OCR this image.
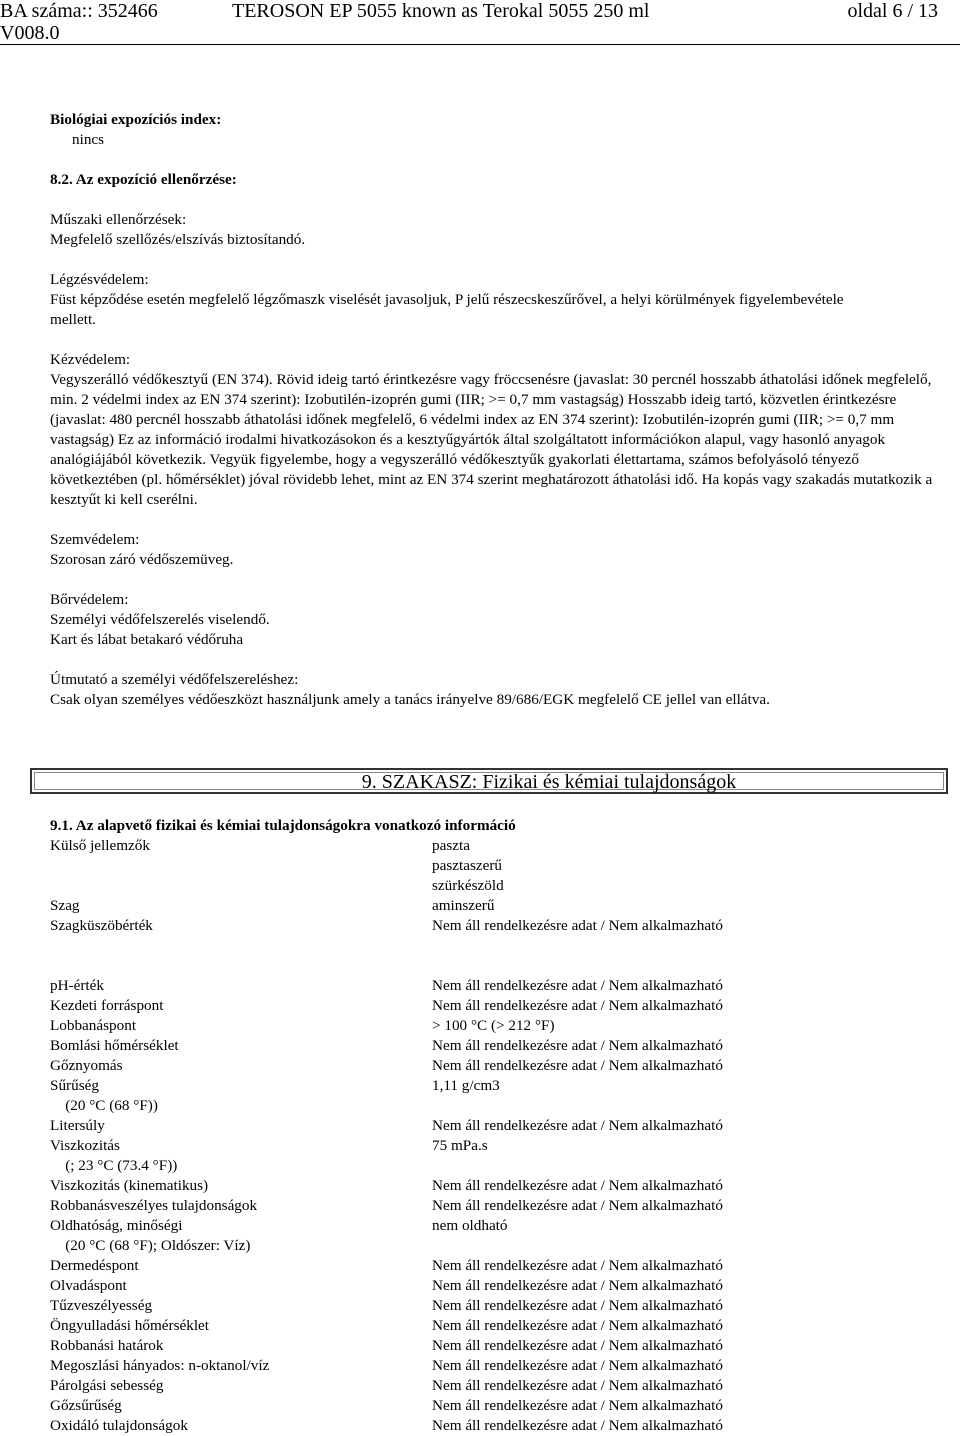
BA száma:: 352466	TEROSON EP 5055 known as Terokal 5055 250 ml	oldal 6 / 13
V008.0

Biológiai expozíciós index:

nincs

8.2. Az expozíció ellenőrzése:

Műszaki ellenőrzések:

Megfelelő szellőzés/elszívás biztosítandó.

Légzésvédelem:

Füst képződése esetén megfelelő légzőmaszk viselését javasoljuk, P jelű részecskeszűrővel, a helyi körülmények figyelembevétele mellett.

Kézvédelem:

Vegyszerálló védőkesztyű (EN 374). Rövid ideig tartó érintkezésre vagy fröccsenésre (javaslat: 30 percnél hosszabb áthatolási időnek megfelelő, min. 2 védelmi index az EN 374 szerint): Izobutilén-izoprén gumi (IIR; >= 0,7 mm vastagság) Hosszabb ideig tartó, közvetlen érintkezésre (javaslat: 480 percnél hosszabb áthatolási időnek megfelelő, 6 védelmi index az EN 374 szerint): Izobutilén-izoprén gumi (IIR; >= 0,7 mm vastagság) Ez az információ irodalmi hivatkozásokon és a kesztyűgyártók által szolgáltatott információkon alapul, vagy hasonló anyagok analógiájából következik. Vegyük figyelembe, hogy a vegyszerálló védőkesztyűk gyakorlati élettartama, számos befolyásoló tényező következtében (pl. hőmérséklet) jóval rövidebb lehet, mint az EN 374 szerint meghatározott áthatolási idő. Ha kopás vagy szakadás mutatkozik a kesztyűt ki kell cserélni.

Szemvédelem:

Szorosan záró védőszemüveg.

Bőrvédelem:

Személyi védőfelszerelés viselendő.

Kart és lábat betakaró védőruha

Útmutató a személyi védőfelszereléshez:

Csak olyan személyes védőeszközt használjunk amely a tanács irányelve 89/686/EGK megfelelő CE jellel van ellátva.

9. SZAKASZ: Fizikai és kémiai tulajdonságok
9.1. Az alapvető fizikai és kémiai tulajdonságokra vonatkozó információ
Külső jellemzők	paszta
pasztaszerű
szürkészöld
Szag	aminszerű
Szagküszöbérték	Nem áll rendelkezésre adat / Nem alkalmazható
pH-érték	Nem áll rendelkezésre adat / Nem alkalmazható
Kezdeti forráspont	Nem áll rendelkezésre adat / Nem alkalmazható
Lobbanáspont	> 100 °C (> 212 °F)
Bomlási hőmérséklet	Nem áll rendelkezésre adat / Nem alkalmazható
Gőznyomás	Nem áll rendelkezésre adat / Nem alkalmazható
Sűrűség	1,11 g/cm3
(20 °C (68 °F))
Litersúly	Nem áll rendelkezésre adat / Nem alkalmazható
Viszkozitás	75 mPa.s
(; 23 °C (73.4 °F))
Viszkozitás (kinematikus)	Nem áll rendelkezésre adat / Nem alkalmazható
Robbanásveszélyes tulajdonságok	Nem áll rendelkezésre adat / Nem alkalmazható
Oldhatóság, minőségi	nem oldható
(20 °C (68 °F); Oldószer: Víz)
Dermedéspont	Nem áll rendelkezésre adat / Nem alkalmazható
Olvadáspont	Nem áll rendelkezésre adat / Nem alkalmazható
Tűzveszélyesség	Nem áll rendelkezésre adat / Nem alkalmazható
Öngyulladási hőmérséklet	Nem áll rendelkezésre adat / Nem alkalmazható
Robbanási határok	Nem áll rendelkezésre adat / Nem alkalmazható
Megoszlási hányados: n-oktanol/víz	Nem áll rendelkezésre adat / Nem alkalmazható
Párolgási sebesség	Nem áll rendelkezésre adat / Nem alkalmazható
Gőzsűrűség	Nem áll rendelkezésre adat / Nem alkalmazható
Oxidáló tulajdonságok	Nem áll rendelkezésre adat / Nem alkalmazható
